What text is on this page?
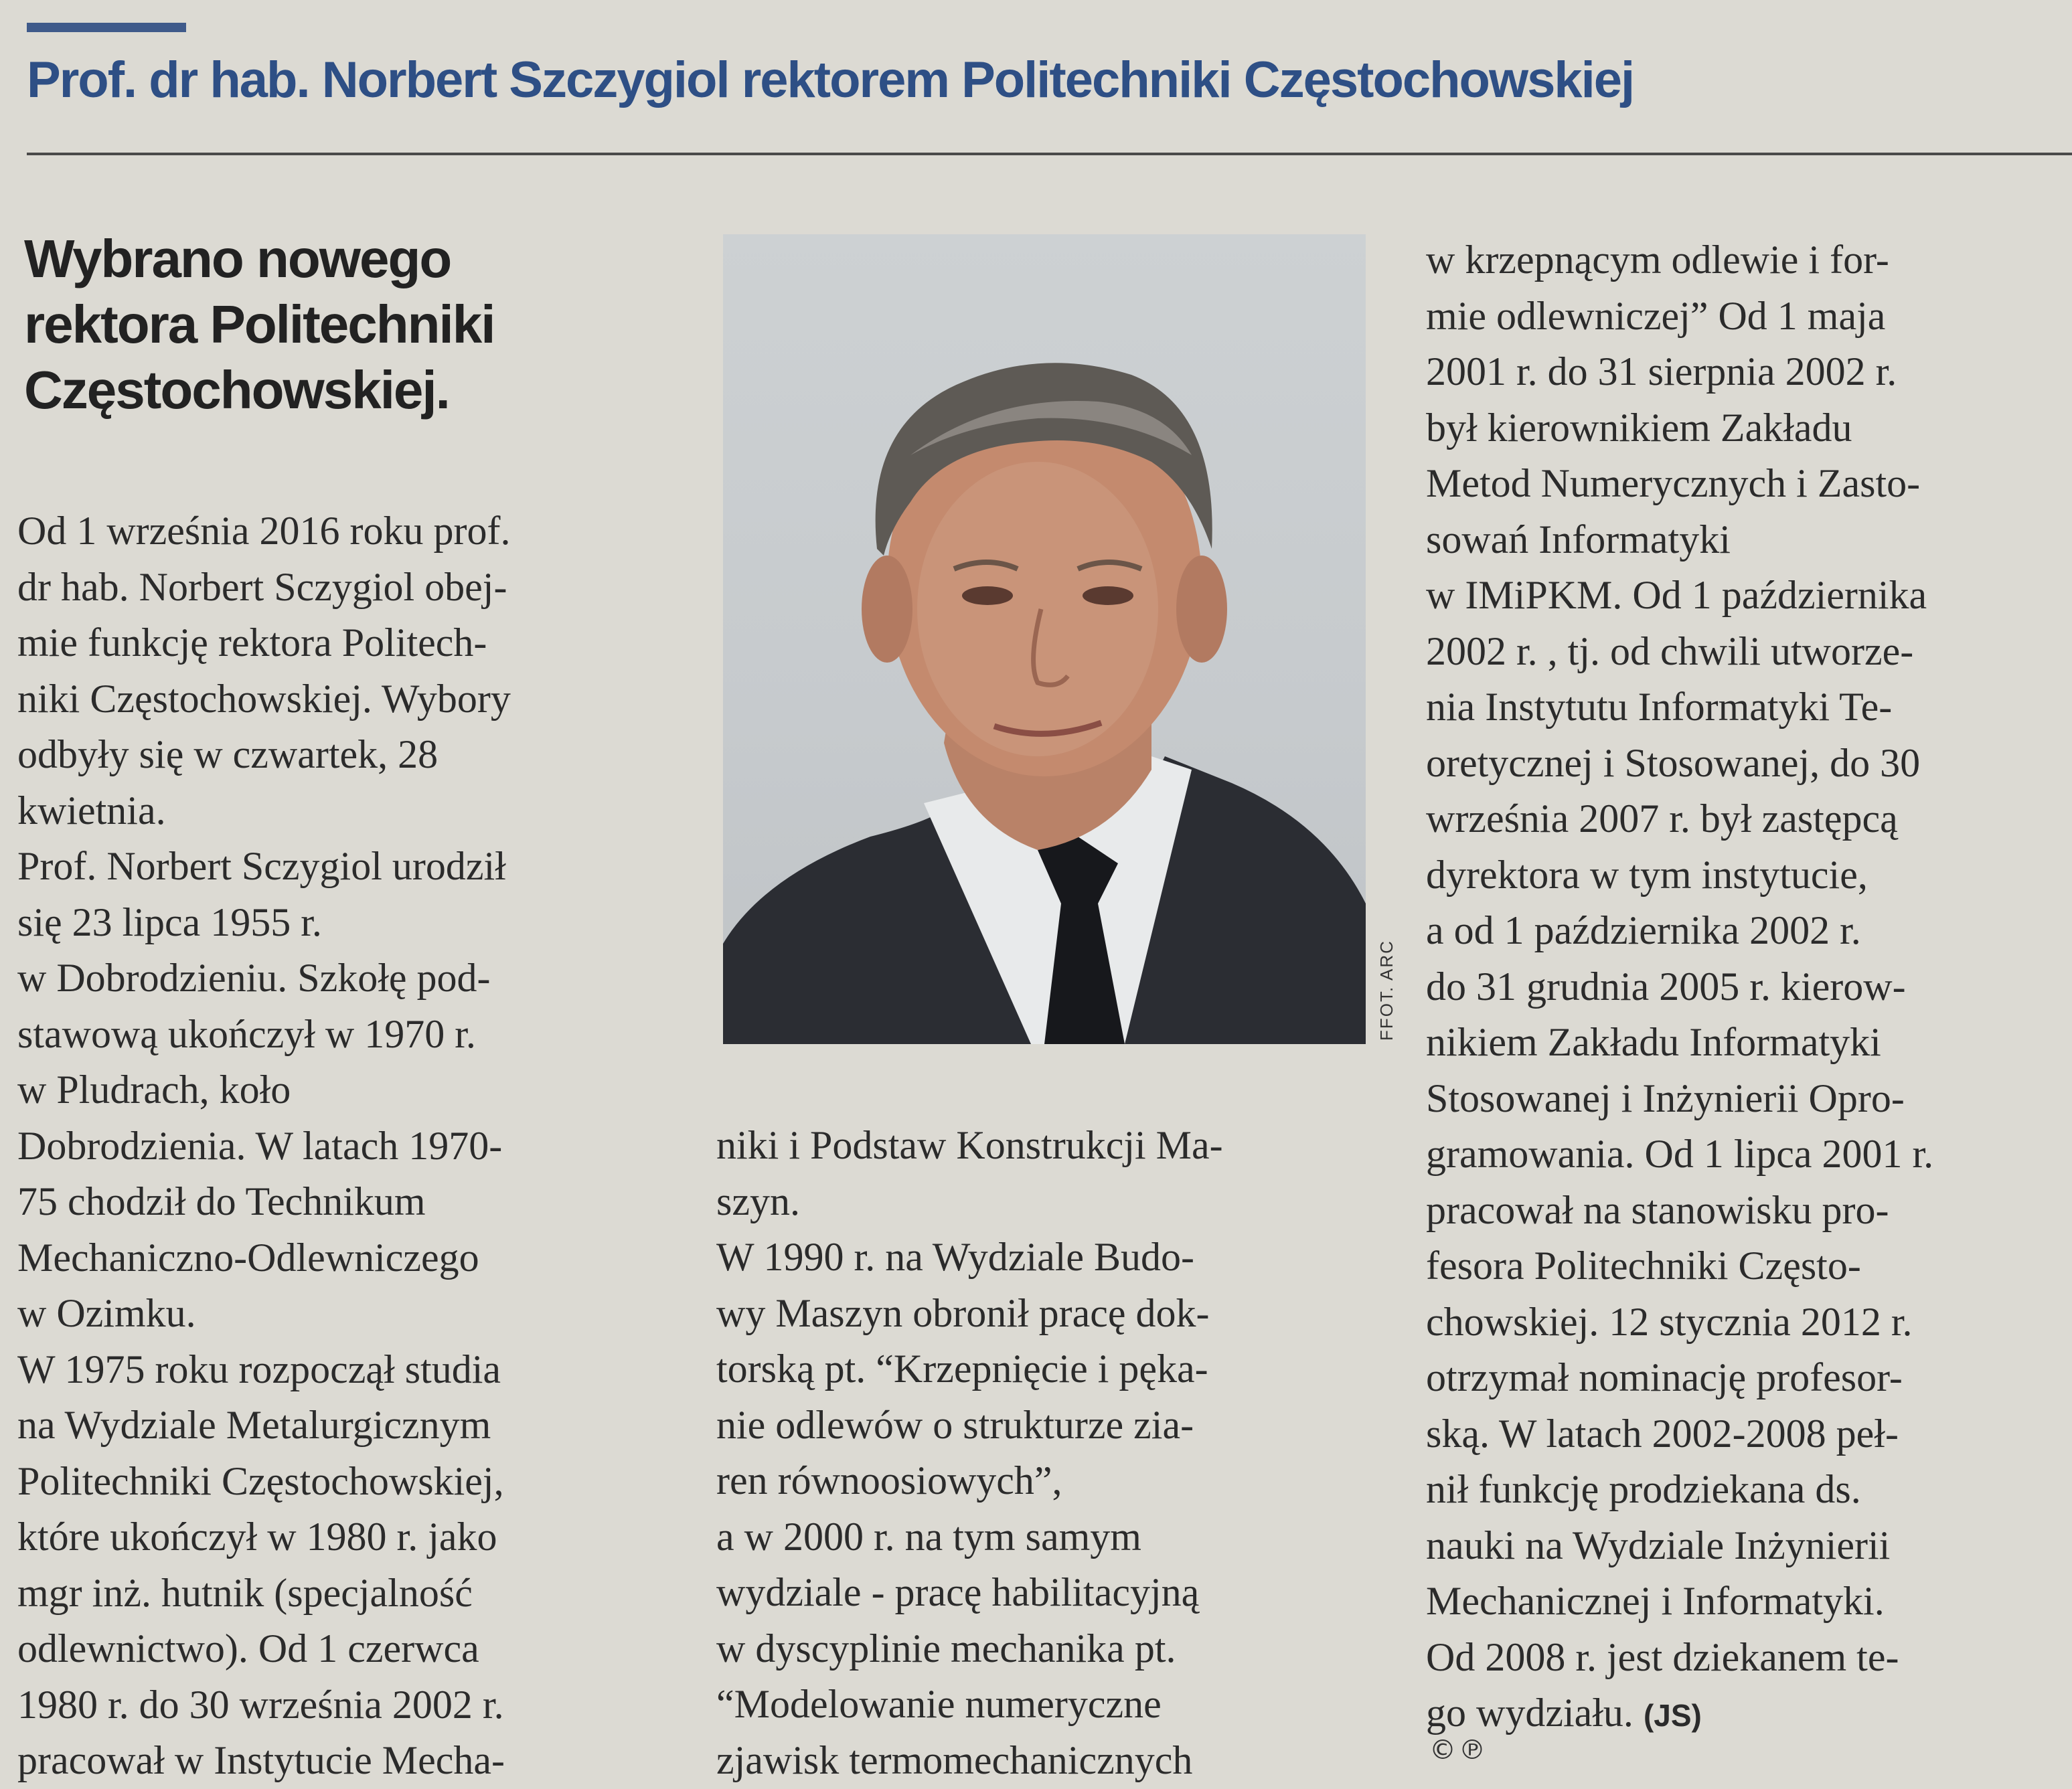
Prof. dr hab. Norbert Szczygiol rektorem Politechniki Częstochowskiej
Wybrano nowego
rektora Politechniki
Częstochowskiej.
Od 1 września 2016 roku prof.
dr hab. Norbert Sczygiol obej-
mie funkcję rektora Politech-
niki Częstochowskiej. Wybory
odbyły się w czwartek, 28
kwietnia.
Prof. Norbert Sczygiol urodził
się 23 lipca 1955 r.
w Dobrodzieniu. Szkołę pod-
stawową ukończył w 1970 r.
w Pludrach, koło
Dobrodzienia. W latach 1970-
75 chodził do Technikum
Mechaniczno-Odlewniczego
w Ozimku.
W 1975 roku rozpoczął studia
na Wydziale Metalurgicznym
Politechniki Częstochowskiej,
które ukończył w 1980 r. jako
mgr inż. hutnik (specjalność
odlewnictwo). Od 1 czerwca
1980 r. do 30 września 2002 r.
pracował w Instytucie Mecha-
FFOT. ARC
niki i Podstaw Konstrukcji Ma-
szyn.
W 1990 r. na Wydziale Budo-
wy Maszyn obronił pracę dok-
torską pt. “Krzepnięcie i pęka-
nie odlewów o strukturze zia-
ren równoosiowych”,
a w 2000 r. na tym samym
wydziale - pracę habilitacyjną
w dyscyplinie mechanika pt.
“Modelowanie numeryczne
zjawisk termomechanicznych
w krzepnącym odlewie i for-
mie odlewniczej” Od 1 maja
2001 r. do 31 sierpnia 2002 r.
był kierownikiem Zakładu
Metod Numerycznych i Zasto-
sowań Informatyki
w IMiPKM. Od 1 października
2002 r. , tj. od chwili utworze-
nia Instytutu Informatyki Te-
oretycznej i Stosowanej, do 30
września 2007 r. był zastępcą
dyrektora w tym instytucie,
a od 1 października 2002 r.
do 31 grudnia 2005 r. kierow-
nikiem Zakładu Informatyki
Stosowanej i Inżynierii Opro-
gramowania. Od 1 lipca 2001 r.
pracował na stanowisku pro-
fesora Politechniki Często-
chowskiej. 12 stycznia 2012 r.
otrzymał nominację profesor-
ską. W latach 2002-2008 peł-
nił funkcję prodziekana ds.
nauki na Wydziale Inżynierii
Mechanicznej i Informatyki.
Od 2008 r. jest dziekanem te-
go wydziału. (JS)
©℗
